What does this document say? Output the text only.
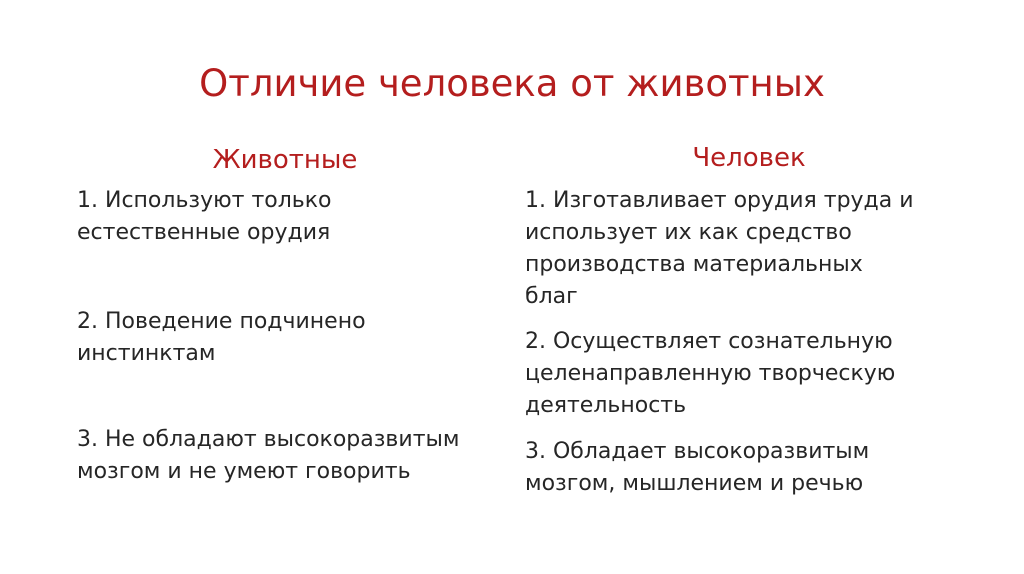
Отличие человека от животных
Животные	Человек
1. Используют только
естественные орудия
2. Поведение подчинено
инстинктам
3. Не обладают высокоразвитым
мозгом и не умеют говорить
1. Изготавливает орудия труда и
использует их как средство
производства материальных
благ
2. Осуществляет сознательную
целенаправленную творческую
деятельность
3. Обладает высокоразвитым
мозгом, мышлением и речью
